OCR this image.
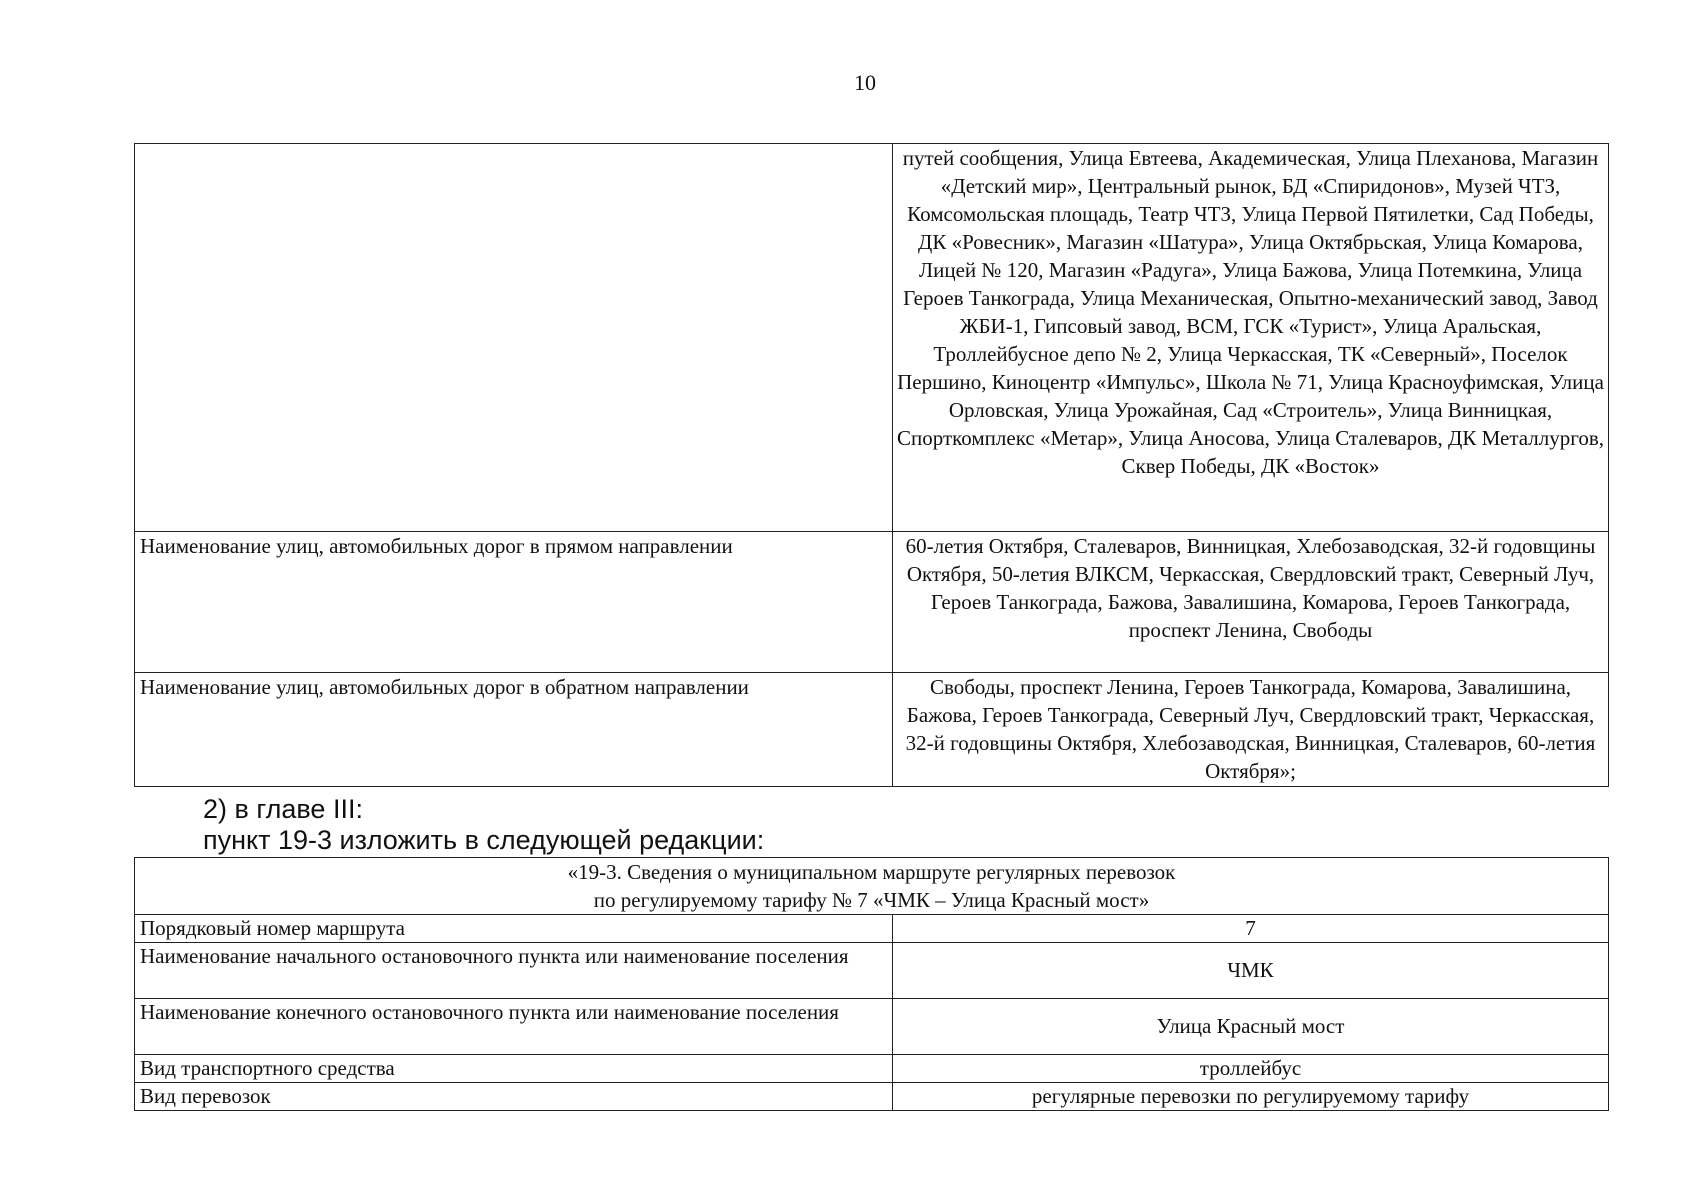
10
	путей сообщения, Улица Евтеева, Академическая, Улица Плеханова, Магазин «Детский мир», Центральный рынок, БД «Спиридонов», Музей ЧТЗ, Комсомольская площадь, Театр ЧТЗ, Улица Первой Пятилетки, Сад Победы, ДК «Ровесник», Магазин «Шатура», Улица Октябрьская, Улица Комарова, Лицей № 120, Магазин «Радуга», Улица Бажова, Улица Потемкина, Улица Героев Танкограда, Улица Механическая, Опытно-механический завод, Завод ЖБИ-1, Гипсовый завод, ВСМ, ГСК «Турист», Улица Аральская, Троллейбусное депо № 2, Улица Черкасская, ТК «Северный», Поселок Першино, Киноцентр «Импульс», Школа № 71, Улица Красноуфимская, Улица Орловская, Улица Урожайная, Сад «Строитель», Улица Винницкая, Спорткомплекс «Метар», Улица Аносова, Улица Сталеваров, ДК Металлургов, Сквер Победы, ДК «Восток»
Наименование улиц, автомобильных дорог в прямом направлении	60-летия Октября, Сталеваров, Винницкая, Хлебозаводская, 32-й годовщины Октября, 50-летия ВЛКСМ, Черкасская, Свердловский тракт, Северный Луч, Героев Танкограда, Бажова, Завалишина, Комарова, Героев Танкограда, проспект Ленина, Свободы
Наименование улиц, автомобильных дорог в обратном направлении	Свободы, проспект Ленина, Героев Танкограда, Комарова, Завалишина, Бажова, Героев Танкограда, Северный Луч, Свердловский тракт, Черкасская, 32-й годовщины Октября, Хлебозаводская, Винницкая, Сталеваров, 60-летия Октября»;
2) в главе III:
пункт 19-3 изложить в следующей редакции:
«19-3. Сведения о муниципальном маршруте регулярных перевозок
по регулируемому тарифу № 7 «ЧМК – Улица Красный мост»	

Порядковый номер маршрута	7
Наименование начального остановочного пункта или наименование поселения	ЧМК
Наименование конечного остановочного пункта или наименование поселения	Улица Красный мост
Вид транспортного средства	троллейбус
Вид перевозок	регулярные перевозки по регулируемому тарифу
